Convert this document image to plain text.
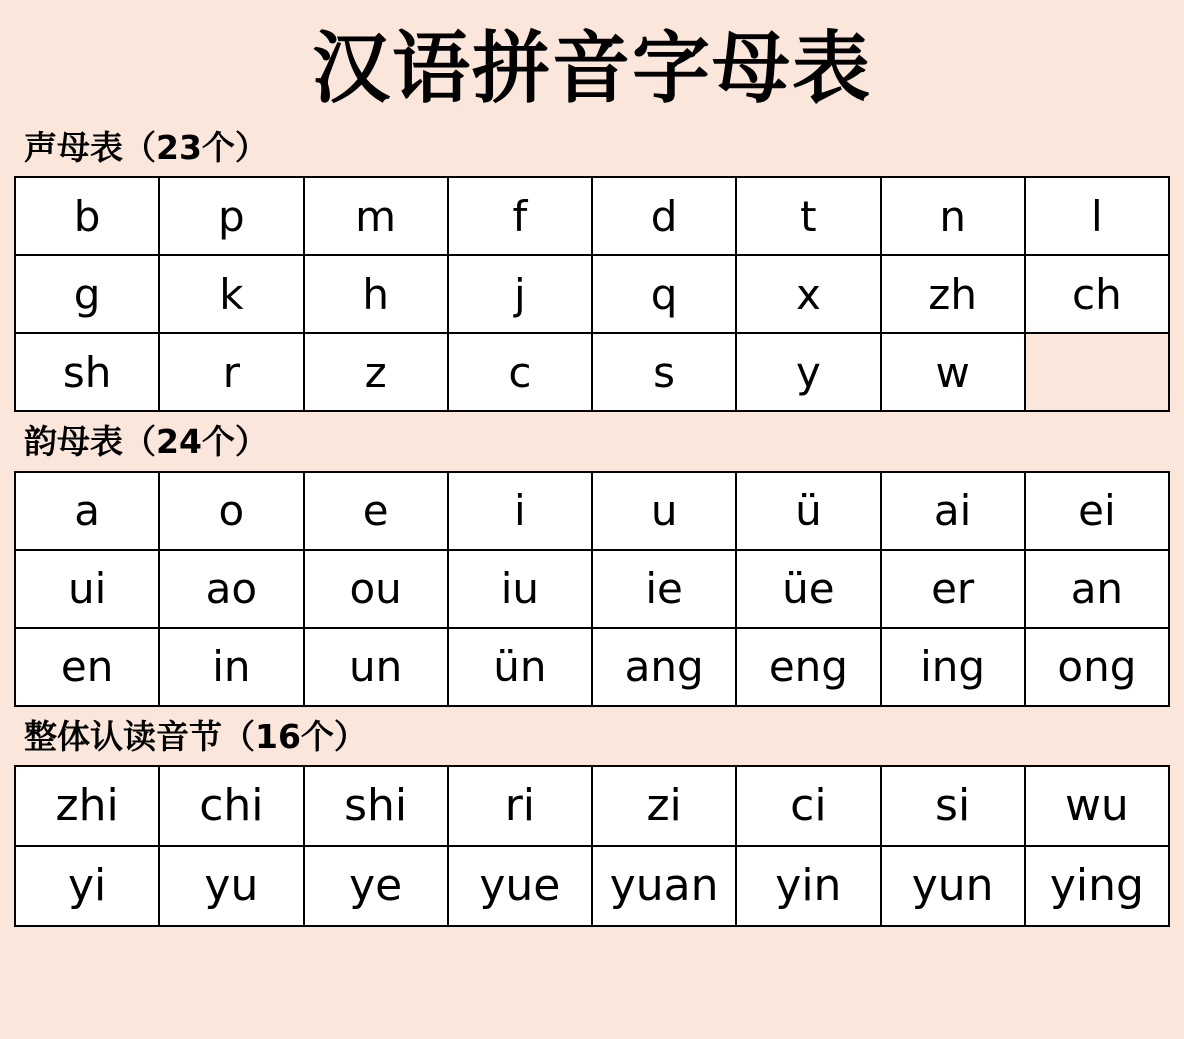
汉语拼音字母表
声母表（23个）
b	p	m	f	d	t	n	l
g	k	h	j	q	x	zh	ch
sh	r	z	c	s	y	w	
韵母表（24个）
a	o	e	i	u	ü	ai	ei
ui	ao	ou	iu	ie	üe	er	an
en	in	un	ün	ang	eng	ing	ong
整体认读音节（16个）
zhi	chi	shi	ri	zi	ci	si	wu
yi	yu	ye	yue	yuan	yin	yun	ying
